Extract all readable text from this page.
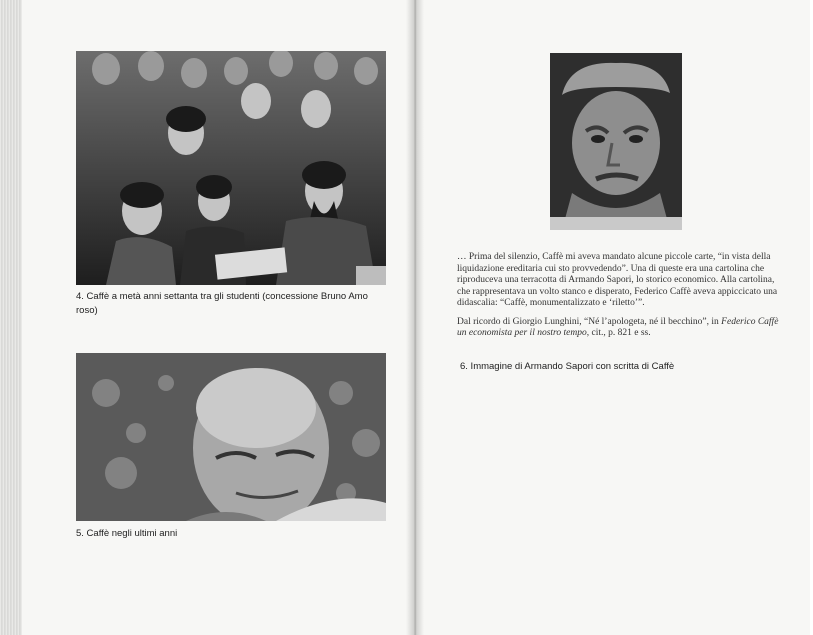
4. Caffè a metà anni settanta tra gli studenti (concessione Bruno Amo roso)
5. Caffè negli ultimi anni

… Prima del silenzio, Caffè mi aveva mandato alcune piccole carte, “in vista della liquidazione ereditaria cui sto provvedendo”. Una di queste era una cartolina che riproduceva una terracotta di Armando Sapori, lo storico economico. Alla cartolina, che rappresentava un volto stanco e disperato, Federico Caffè aveva appiccicato una didascalia: “Caffè, monumentalizzato e ‘riletto’”.

Dal ricordo di Giorgio Lunghini, “Né l’apologeta, né il becchino”, in Federico Caffè un economista per il nostro tempo, cit., p. 821 e ss.

6. Immagine di Armando Sapori con scritta di Caffè
